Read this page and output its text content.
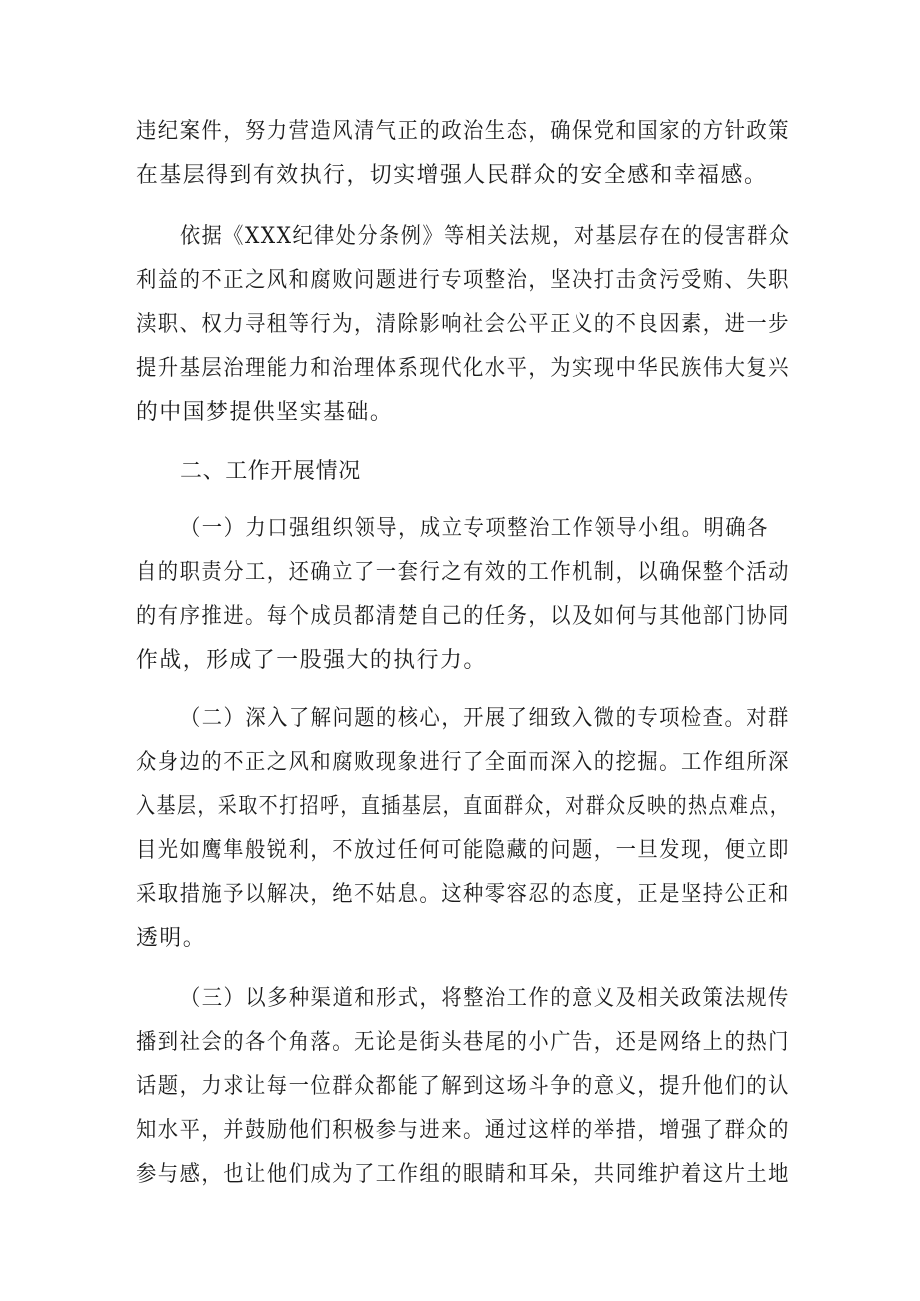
违纪案件，努力营造风清气正的政治生态，确保党和国家的方针政策
在基层得到有效执行，切实增强人民群众的安全感和幸福感。
依据《XXX纪律处分条例》等相关法规，对基层存在的侵害群众
利益的不正之风和腐败问题进行专项整治，坚决打击贪污受贿、失职
渎职、权力寻租等行为，清除影响社会公平正义的不良因素，进一步
提升基层治理能力和治理体系现代化水平，为实现中华民族伟大复兴
的中国梦提供坚实基础。
二、工作开展情况
（一）力口强组织领导，成立专项整治工作领导小组。明确各
自的职责分工，还确立了一套行之有效的工作机制，以确保整个活动
的有序推进。每个成员都清楚自己的任务，以及如何与其他部门协同
作战，形成了一股强大的执行力。
（二）深入了解问题的核心，开展了细致入微的专项检查。对群
众身边的不正之风和腐败现象进行了全面而深入的挖掘。工作组所深
入基层，采取不打招呼，直插基层，直面群众，对群众反映的热点难点，
目光如鹰隼般锐利，不放过任何可能隐藏的问题，一旦发现，便立即
采取措施予以解决，绝不姑息。这种零容忍的态度，正是坚持公正和
透明。
（三）以多种渠道和形式，将整治工作的意义及相关政策法规传
播到社会的各个角落。无论是街头巷尾的小广告，还是网络上的热门
话题，力求让每一位群众都能了解到这场斗争的意义，提升他们的认
知水平，并鼓励他们积极参与进来。通过这样的举措，增强了群众的
参与感，也让他们成为了工作组的眼睛和耳朵，共同维护着这片土地
